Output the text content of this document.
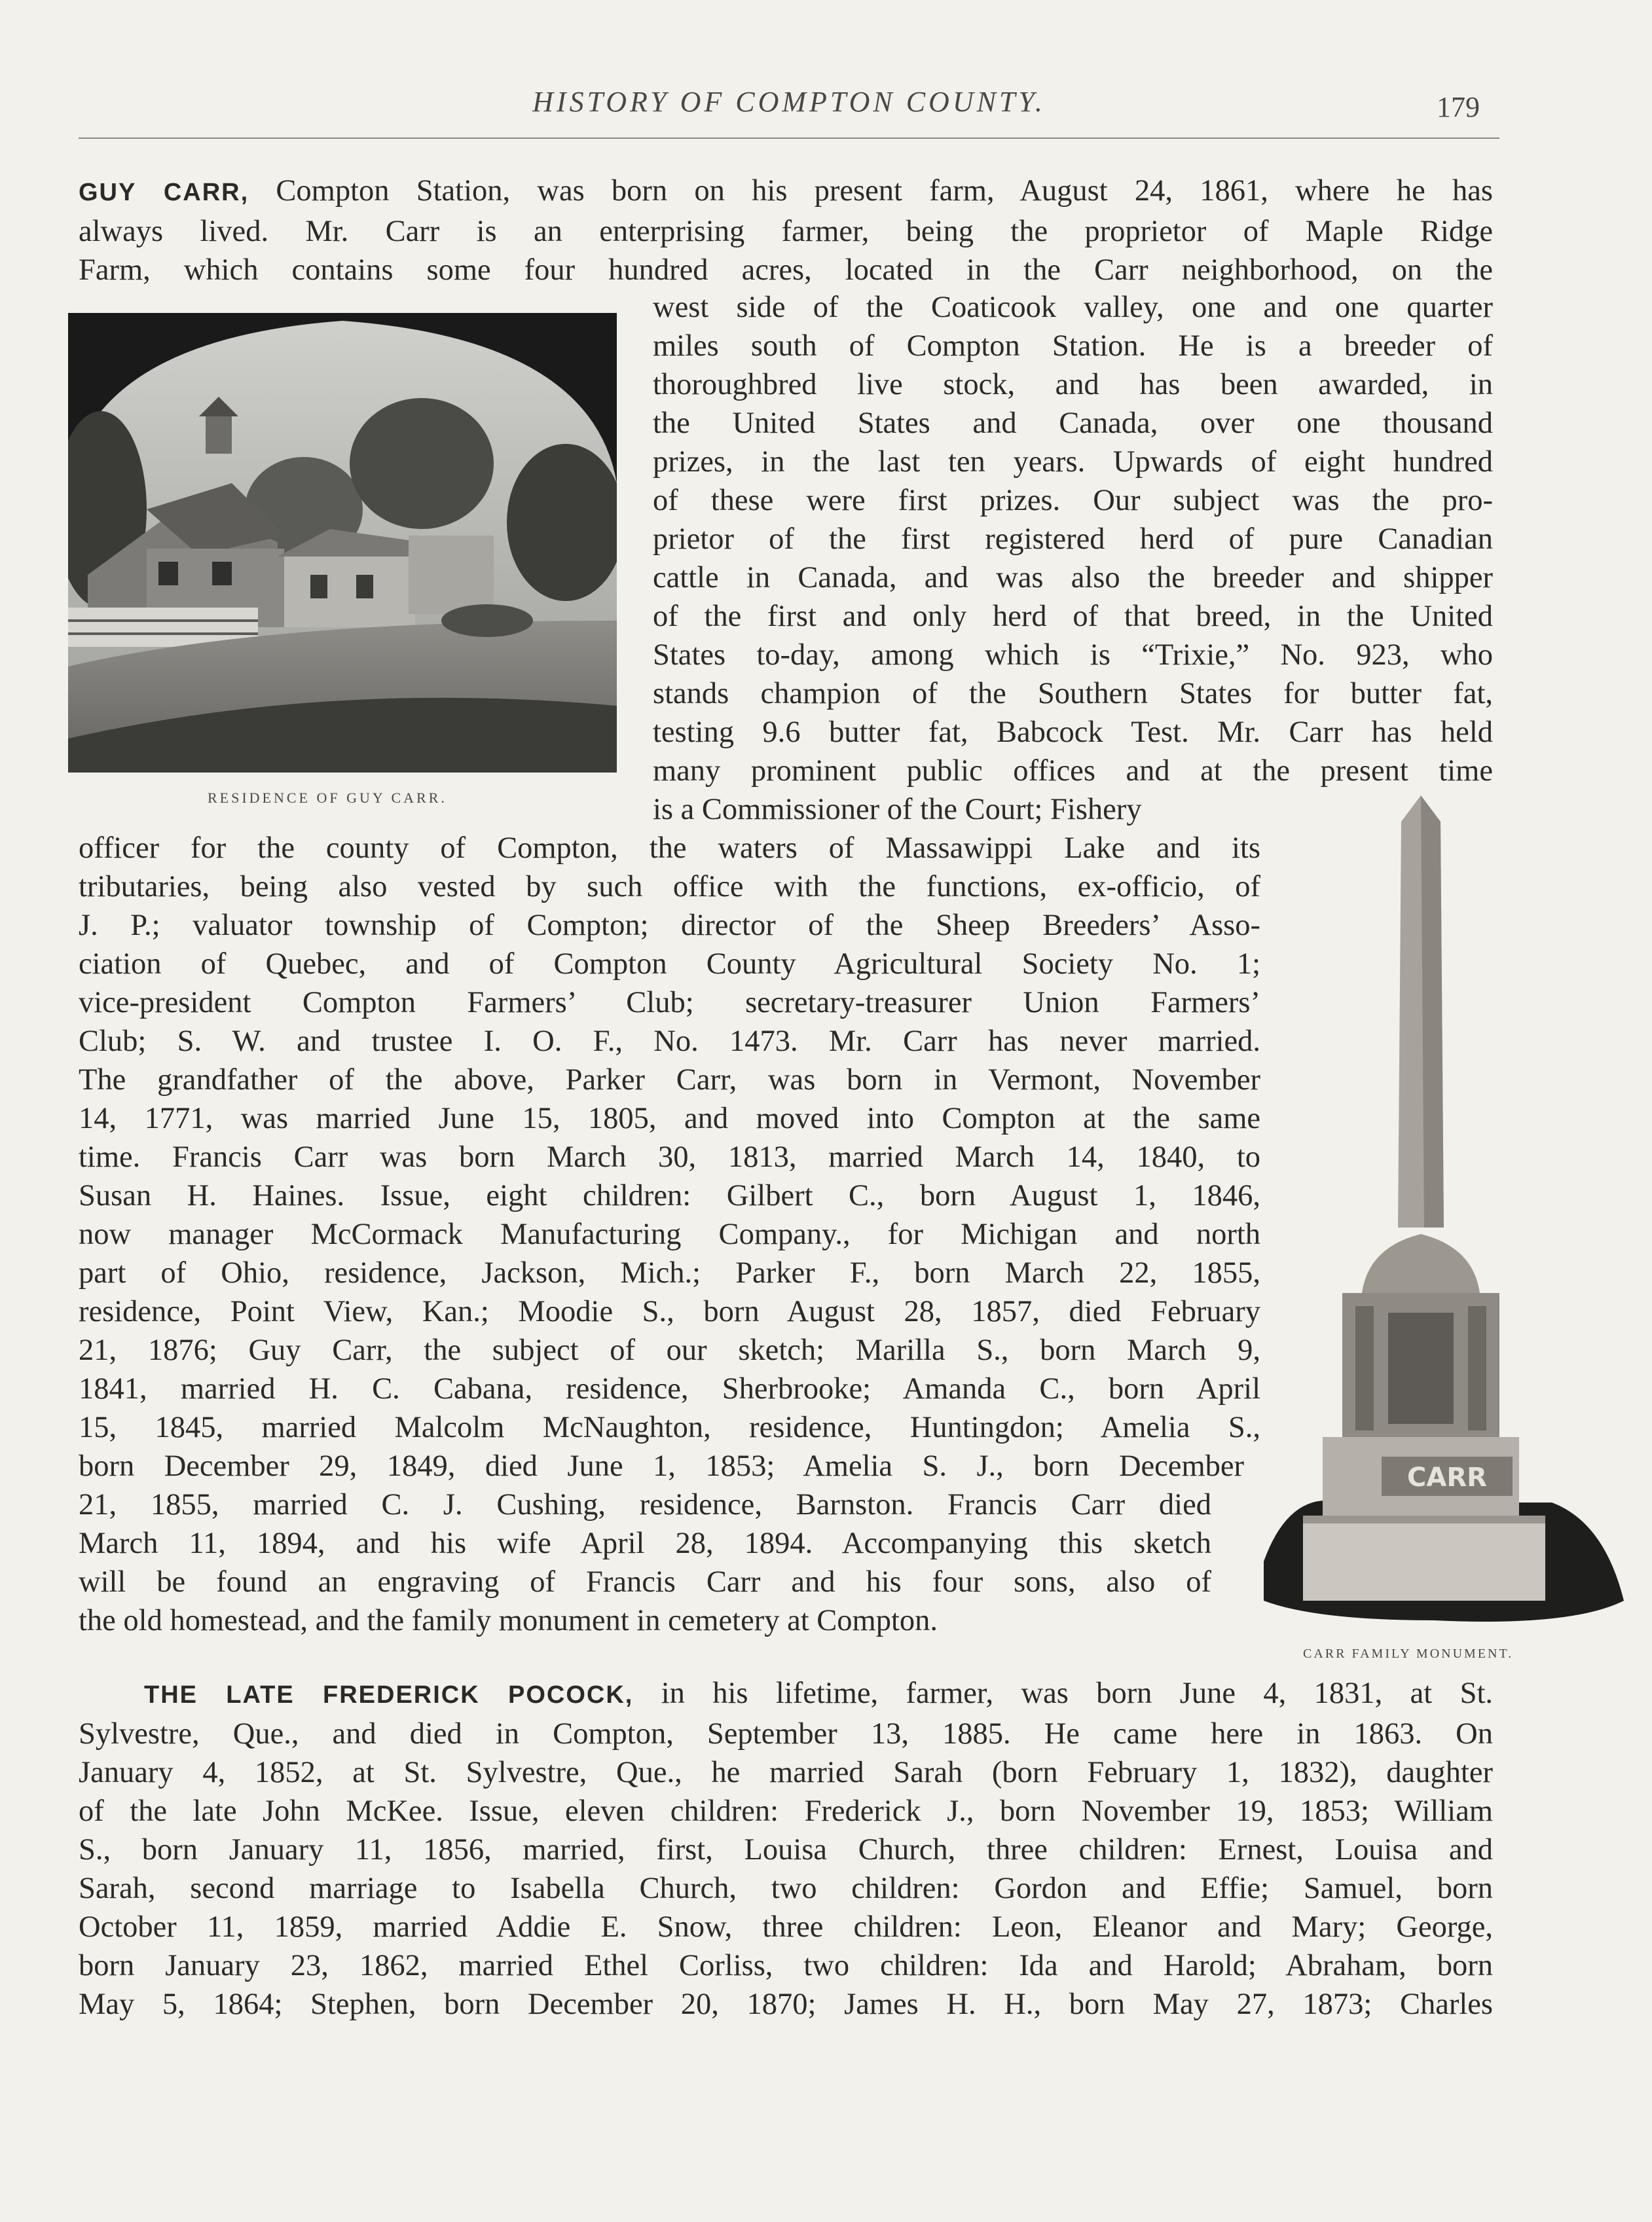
HISTORY OF COMPTON COUNTY.	179
GUY CARR, Compton Station, was born on his present farm, August 24, 1861, where he has
always lived. Mr. Carr is an enterprising farmer, being the proprietor of Maple Ridge
Farm, which contains some four hundred acres, located in the Carr neighborhood, on the
RESIDENCE OF GUY CARR.
west side of the Coaticook valley, one and one quarter
miles south of Compton Station. He is a breeder of
thoroughbred live stock, and has been awarded, in
the United States and Canada, over one thousand
prizes, in the last ten years. Upwards of eight hundred
of these were first prizes. Our subject was the pro-
prietor of the first registered herd of pure Canadian
cattle in Canada, and was also the breeder and shipper
of the first and only herd of that breed, in the United
States to-day, among which is “Trixie,” No. 923, who
stands champion of the Southern States for butter fat,
testing 9.6 butter fat, Babcock Test. Mr. Carr has held
many prominent public offices and at the present time
is a Commissioner of the Court; Fishery
officer for the county of Compton, the waters of Massawippi Lake and its
tributaries, being also vested by such office with the functions, ex-officio, of
J. P.; valuator township of Compton; director of the Sheep Breeders’ Asso-
ciation of Quebec, and of Compton County Agricultural Society No. 1;
vice-president Compton Farmers’ Club; secretary-treasurer Union Farmers’
Club; S. W. and trustee I. O. F., No. 1473. Mr. Carr has never married.
The grandfather of the above, Parker Carr, was born in Vermont, November
14, 1771, was married June 15, 1805, and moved into Compton at the same
time. Francis Carr was born March 30, 1813, married March 14, 1840, to
Susan H. Haines. Issue, eight children: Gilbert C., born August 1, 1846,
now manager McCormack Manufacturing Company., for Michigan and north
part of Ohio, residence, Jackson, Mich.; Parker F., born March 22, 1855,
residence, Point View, Kan.; Moodie S., born August 28, 1857, died February
21, 1876; Guy Carr, the subject of our sketch; Marilla S., born March 9,
1841, married H. C. Cabana, residence, Sherbrooke; Amanda C., born April
15, 1845, married Malcolm McNaughton, residence, Huntingdon; Amelia S.,
born December 29, 1849, died June 1, 1853; Amelia S. J., born December
21, 1855, married C. J. Cushing, residence, Barnston. Francis Carr died
March 11, 1894, and his wife April 28, 1894. Accompanying this sketch
will be found an engraving of Francis Carr and his four sons, also of
the old homestead, and the family monument in cemetery at Compton.
CARR
CARR FAMILY MONUMENT.
THE LATE FREDERICK POCOCK, in his lifetime, farmer, was born June 4, 1831, at St.
Sylvestre, Que., and died in Compton, September 13, 1885. He came here in 1863. On
January 4, 1852, at St. Sylvestre, Que., he married Sarah (born February 1, 1832), daughter
of the late John McKee. Issue, eleven children: Frederick J., born November 19, 1853; William
S., born January 11, 1856, married, first, Louisa Church, three children: Ernest, Louisa and
Sarah, second marriage to Isabella Church, two children: Gordon and Effie; Samuel, born
October 11, 1859, married Addie E. Snow, three children: Leon, Eleanor and Mary; George,
born January 23, 1862, married Ethel Corliss, two children: Ida and Harold; Abraham, born
May 5, 1864; Stephen, born December 20, 1870; James H. H., born May 27, 1873; Charles
